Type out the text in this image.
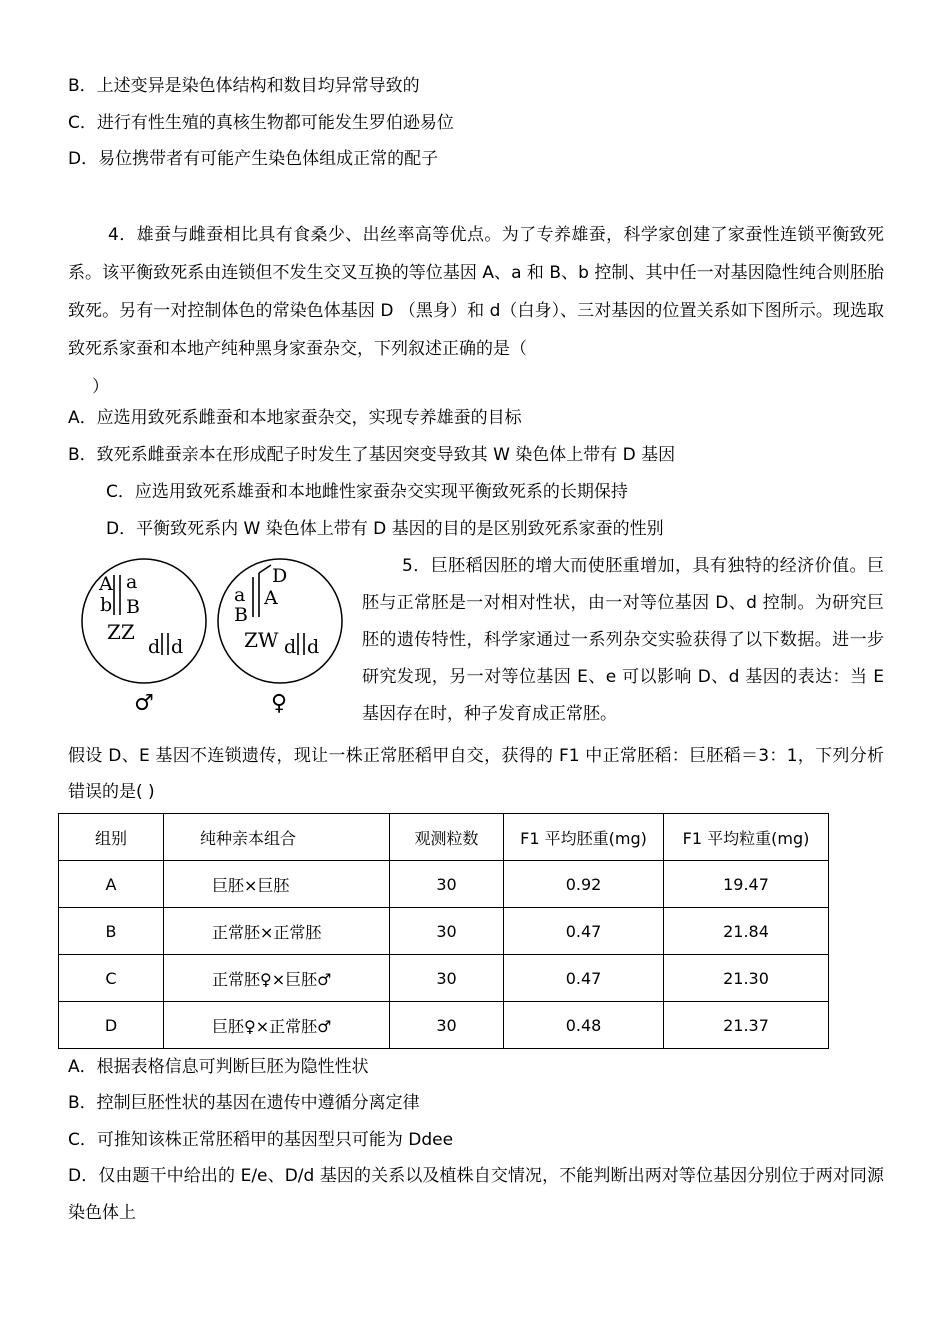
B．上述变异是染色体结构和数目均异常导致的
C．进行有性生殖的真核生物都可能发生罗伯逊易位
D．易位携带者有可能产生染色体组成正常的配子
4．雄蚕与雌蚕相比具有食桑少、出丝率高等优点。为了专养雄蚕，科学家创建了家蚕性连锁平衡致死系。该平衡致死系由连锁但不发生交叉互换的等位基因 A、a 和 B、b 控制、其中任一对基因隐性纯合则胚胎致死。另有一对控制体色的常染色体基因 D （黑身）和 d（白身）、三对基因的位置关系如下图所示。现选取致死系家蚕和本地产纯种黑身家蚕杂交，下列叙述正确的是（
）
A．应选用致死系雌蚕和本地家蚕杂交，实现专养雄蚕的目标
B．致死系雌蚕亲本在形成配子时发生了基因突变导致其 W 染色体上带有 D 基因
C．应选用致死系雄蚕和本地雌性家蚕杂交实现平衡致死系的长期保持
D．平衡致死系内 W 染色体上带有 D 基因的目的是区别致死系家蚕的性别
A a
b B
ZZ
d d
♂
D
a A
B
ZW d d
♀
5．巨胚稻因胚的增大而使胚重增加，具有独特的经济价值。巨胚与正常胚是一对相对性状，由一对等位基因 D、d 控制。为研究巨胚的遗传特性，科学家通过一系列杂交实验获得了以下数据。进一步研究发现，另一对等位基因 E、e 可以影响 D、d 基因的表达：当 E 基因存在时，种子发育成正常胚。
假设 D、E 基因不连锁遗传，现让一株正常胚稻甲自交，获得的 F1 中正常胚稻：巨胚稻＝3：1，下列分析错误的是( )
组别	纯种亲本组合	观测粒数	F1 平均胚重(mg)	F1 平均粒重(mg)
A	巨胚×巨胚	30	0.92	19.47
B	正常胚×正常胚	30	0.47	21.84
C	正常胚♀×巨胚♂	30	0.47	21.30
D	巨胚♀×正常胚♂	30	0.48	21.37
A．根据表格信息可判断巨胚为隐性性状
B．控制巨胚性状的基因在遗传中遵循分离定律
C．可推知该株正常胚稻甲的基因型只可能为 Ddee
D．仅由题干中给出的 E/e、D/d 基因的关系以及植株自交情况，不能判断出两对等位基因分别位于两对同源染色体上
